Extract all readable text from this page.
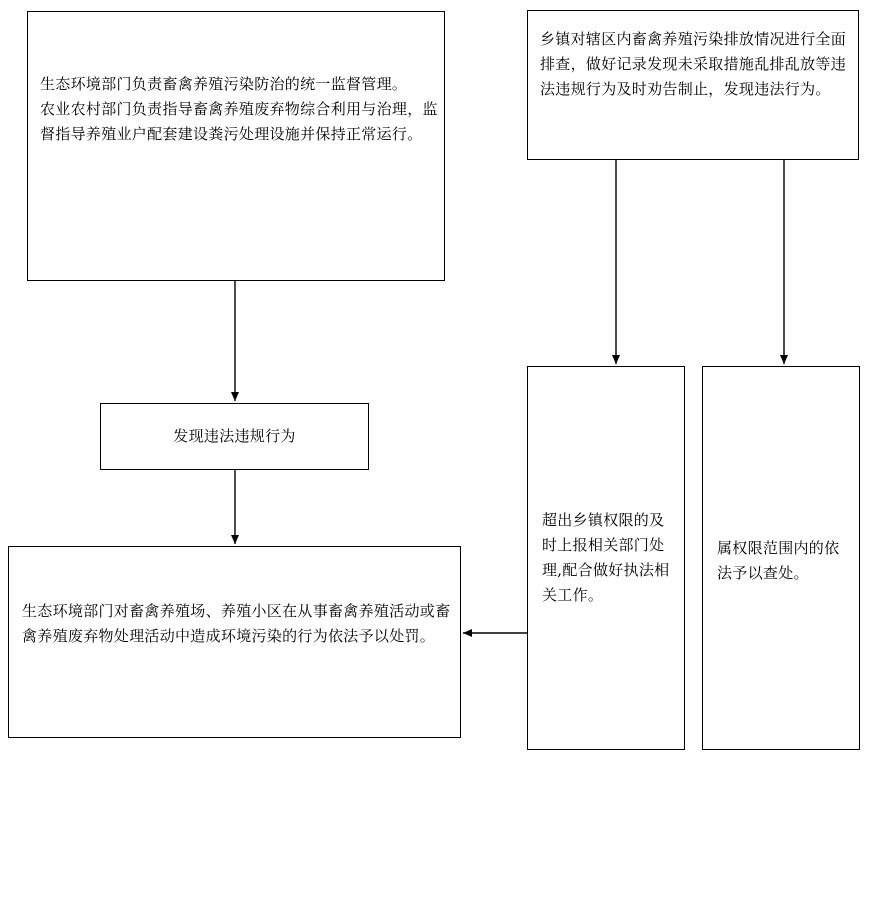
生态环境部门负责畜禽养殖污染防治的统一监督管理。

农业农村部门负责指导畜禽养殖废弃物综合利用与治理，监督指导养殖业户配套建设粪污处理设施并保持正常运行。

乡镇对辖区内畜禽养殖污染排放情况进行全面排查，做好记录发现未采取措施乱排乱放等违法违规行为及时劝告制止，发现违法行为。
发现违法违规行为
生态环境部门对畜禽养殖场、养殖小区在从事畜禽养殖活动或畜禽养殖废弃物处理活动中造成环境污染的行为依法予以处罚。
超出乡镇权限的及时上报相关部门处理,配合做好执法相关工作。
属权限范围内的依法予以查处。
